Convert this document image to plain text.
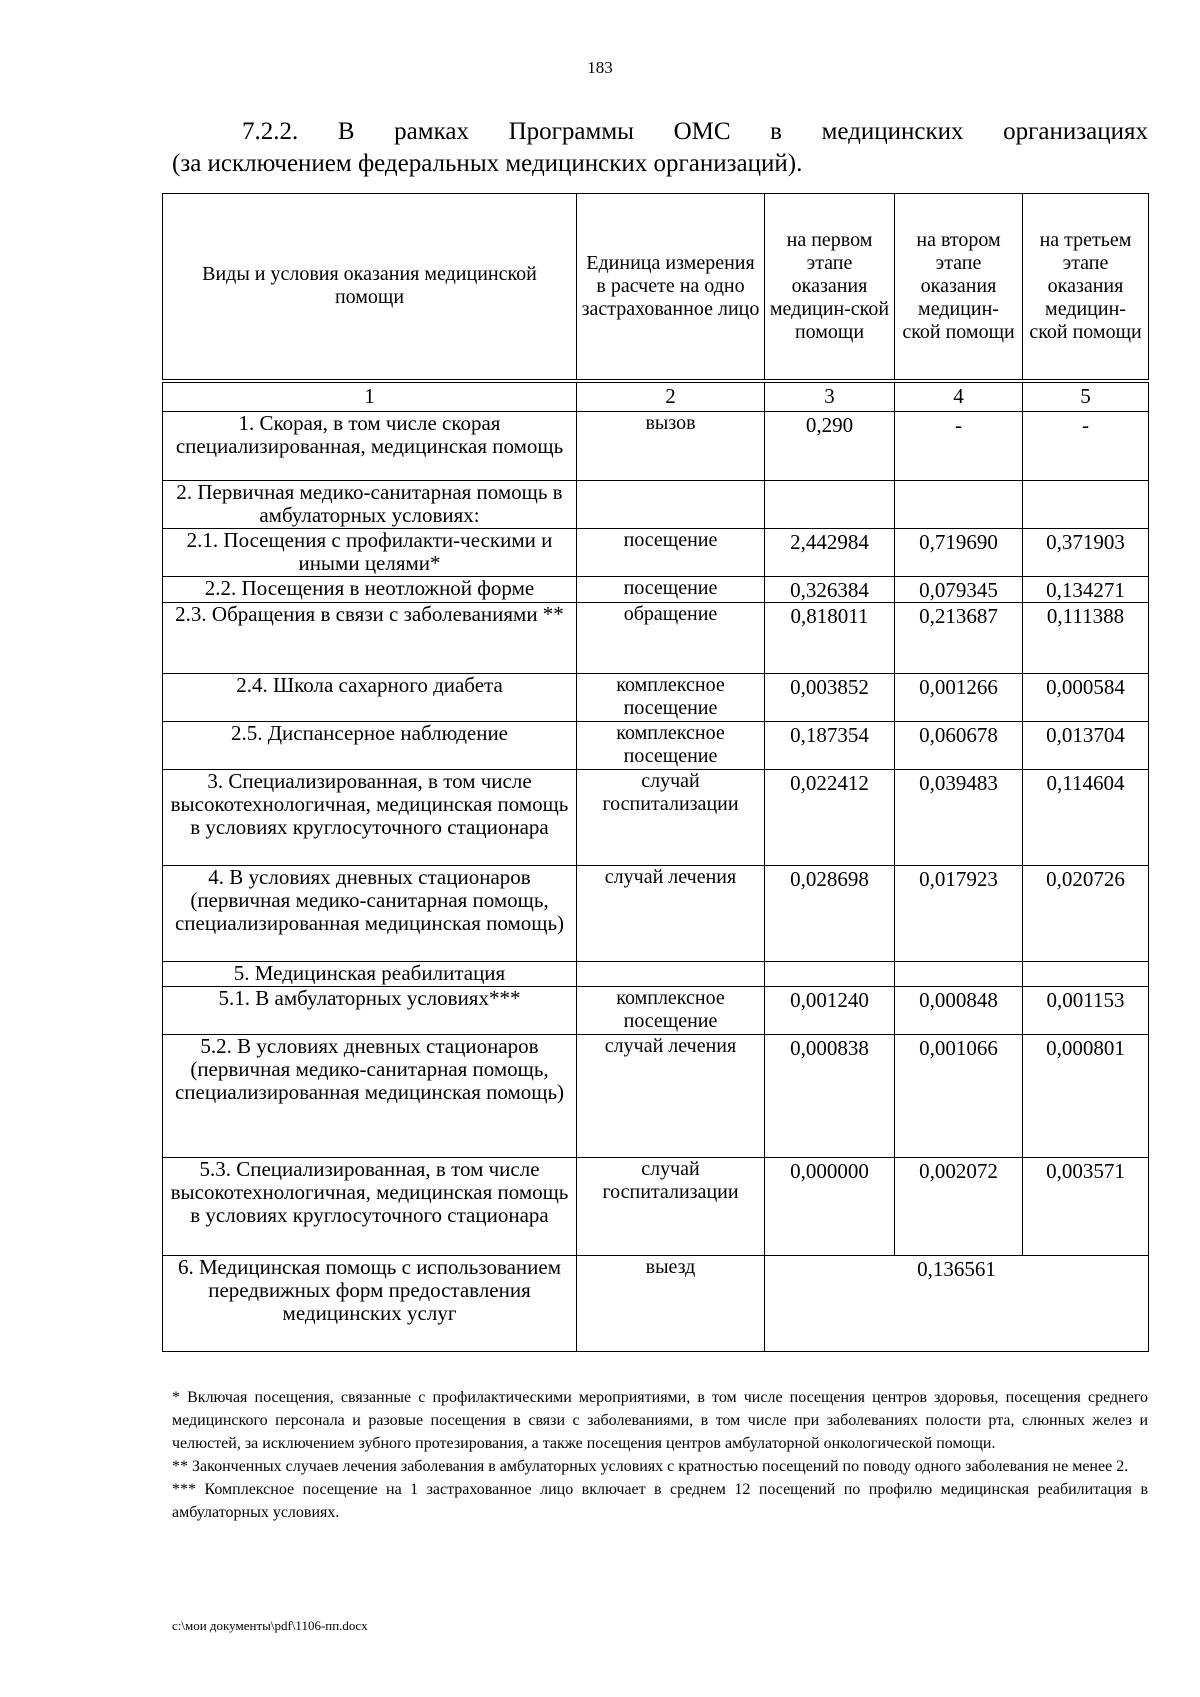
183
7.2.2. В рамках Программы ОМС в медицинских организациях
(за исключением федеральных медицинских организаций).
Виды и условия оказания медицинской помощи	Единица измерения в расчете на одно застрахованное лицо	на первом этапе оказания медицин-ской помощи	на втором этапе оказания медицин-ской помощи	на третьем этапе оказания медицин-ской помощи
1	2	3	4	5
1. Скорая, в том числе скорая специализированная, медицинская помощь	вызов	0,290	-	-
2. Первичная медико-санитарная помощь в амбулаторных условиях:				
2.1. Посещения с профилакти-ческими и иными целями*	посещение	2,442984	0,719690	0,371903
2.2. Посещения в неотложной форме	посещение	0,326384	0,079345	0,134271
2.3. Обращения в связи с заболеваниями **	обращение	0,818011	0,213687	0,111388
2.4. Школа сахарного диабета	комплексное посещение	0,003852	0,001266	0,000584
2.5. Диспансерное наблюдение	комплексное посещение	0,187354	0,060678	0,013704
3. Специализированная, в том числе высокотехнологичная, медицинская помощь в условиях круглосуточного стационара	случай госпитализации	0,022412	0,039483	0,114604
4. В условиях дневных стационаров (первичная медико-санитарная помощь, специализированная медицинская помощь)	случай лечения	0,028698	0,017923	0,020726
5. Медицинская реабилитация				
5.1. В амбулаторных условиях***	комплексное посещение	0,001240	0,000848	0,001153
5.2. В условиях дневных стационаров (первичная медико-санитарная помощь, специализированная медицинская помощь)	случай лечения	0,000838	0,001066	0,000801
5.3. Специализированная, в том числе высокотехнологичная, медицинская помощь в условиях круглосуточного стационара	случай госпитализации	0,000000	0,002072	0,003571
6. Медицинская помощь с использованием передвижных форм предоставления медицинских услуг	выезд	0,136561		

* Включая посещения, связанные с профилактическими мероприятиями, в том числе посещения центров здоровья, посещения среднего медицинского персонала и разовые посещения в связи с заболеваниями, в том числе при заболеваниях полости рта, слюнных желез и челюстей, за исключением зубного протезирования, а также посещения центров амбулаторной онкологической помощи.

** Законченных случаев лечения заболевания в амбулаторных условиях с кратностью посещений по поводу одного заболевания не менее 2.

*** Комплексное посещение на 1 застрахованное лицо включает в среднем 12 посещений по профилю медицинская реабилитация в амбулаторных условиях.

c:\мои документы\pdf\1106-пп.docx
